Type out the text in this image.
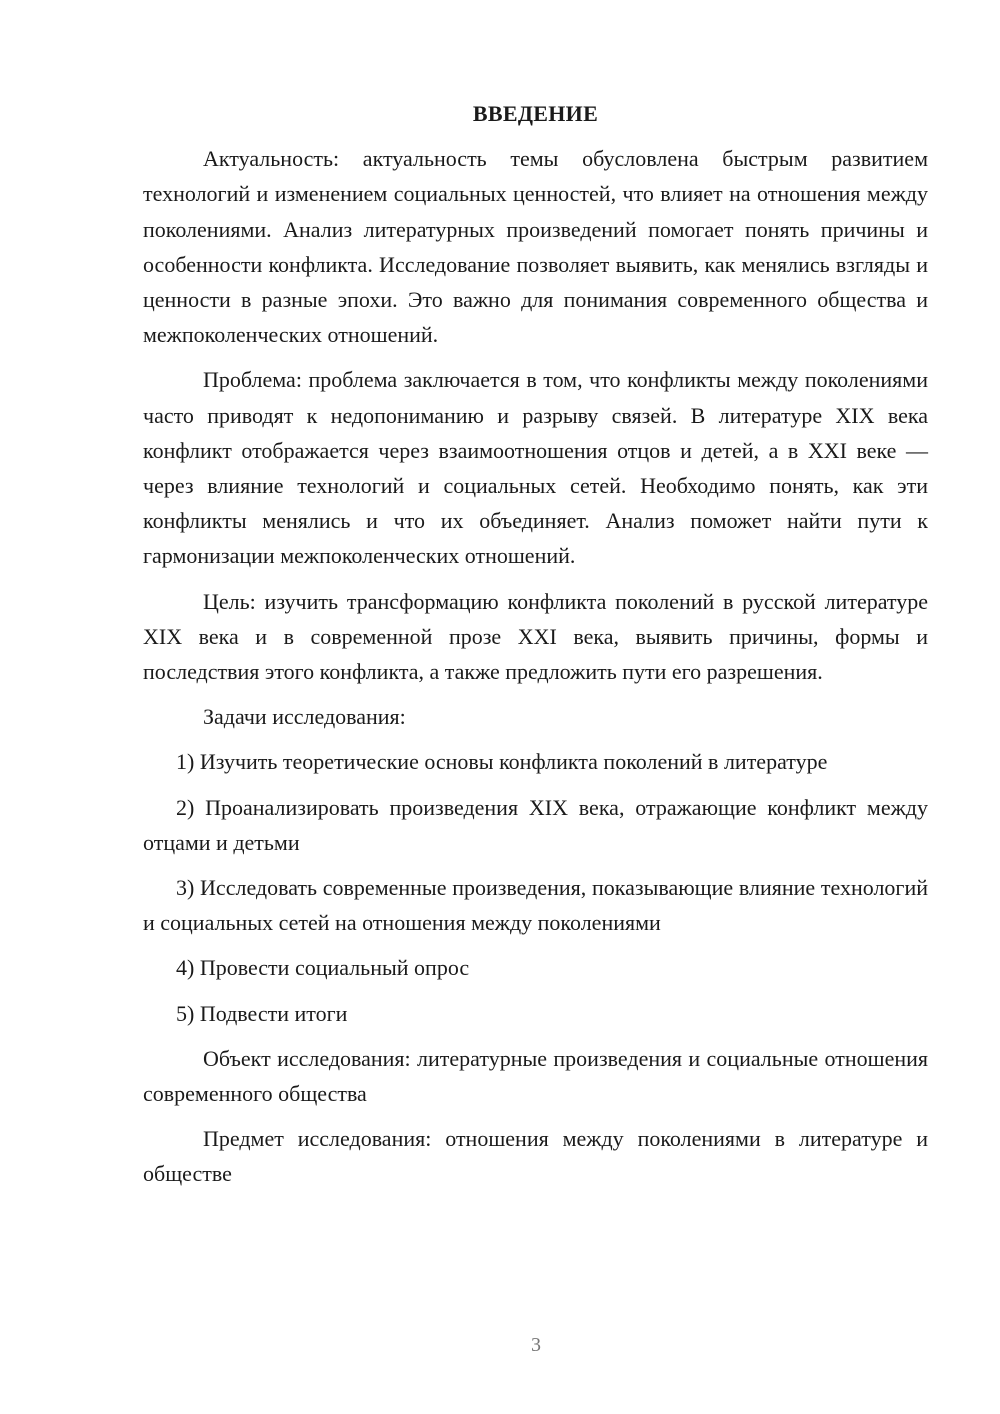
ВВЕДЕНИЕ

Актуальность: актуальность темы обусловлена быстрым развитием технологий и изменением социальных ценностей, что влияет на отношения между поколениями. Анализ литературных произведений помогает понять причины и особенности конфликта. Исследование позволяет выявить, как менялись взгляды и ценности в разные эпохи. Это важно для понимания современного общества и межпоколенческих отношений.

Проблема: проблема заключается в том, что конфликты между поколениями часто приводят к недопониманию и разрыву связей. В литературе XIX века конфликт отображается через взаимоотношения отцов и детей, а в XXI веке — через влияние технологий и социальных сетей. Необходимо понять, как эти конфликты менялись и что их объединяет. Анализ поможет найти пути к гармонизации межпоколенческих отношений.

Цель: изучить трансформацию конфликта поколений в русской литературе XIX века и в современной прозе XXI века, выявить причины, формы и последствия этого конфликта, а также предложить пути его разрешения.

Задачи исследования:

1) Изучить теоретические основы конфликта поколений в литературе

2) Проанализировать произведения XIX века, отражающие конфликт между отцами и детьми

3) Исследовать современные произведения, показывающие влияние технологий и социальных сетей на отношения между поколениями

4) Провести социальный опрос

5) Подвести итоги

Объект исследования: литературные произведения и социальные отношения современного общества

Предмет исследования: отношения между поколениями в литературе и обществе

3
